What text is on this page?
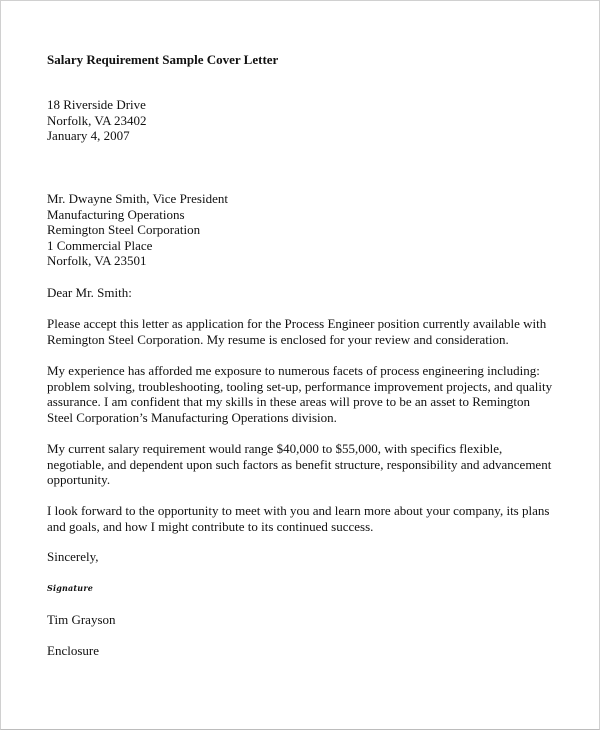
Salary Requirement Sample Cover Letter
18 Riverside Drive
Norfolk, VA 23402
January 4, 2007
Mr. Dwayne Smith, Vice President
Manufacturing Operations
Remington Steel Corporation
1 Commercial Place
Norfolk, VA 23501
Dear Mr. Smith:
Please accept this letter as application for the Process Engineer position currently available with
Remington Steel Corporation. My resume is enclosed for your review and consideration.
My experience has afforded me exposure to numerous facets of process engineering including:
problem solving, troubleshooting, tooling set-up, performance improvement projects, and quality
assurance. I am confident that my skills in these areas will prove to be an asset to Remington
Steel Corporation’s Manufacturing Operations division.
My current salary requirement would range $40,000 to $55,000, with specifics flexible,
negotiable, and dependent upon such factors as benefit structure, responsibility and advancement
opportunity.
I look forward to the opportunity to meet with you and learn more about your company, its plans
and goals, and how I might contribute to its continued success.
Sincerely,
Signature
Tim Grayson
Enclosure
